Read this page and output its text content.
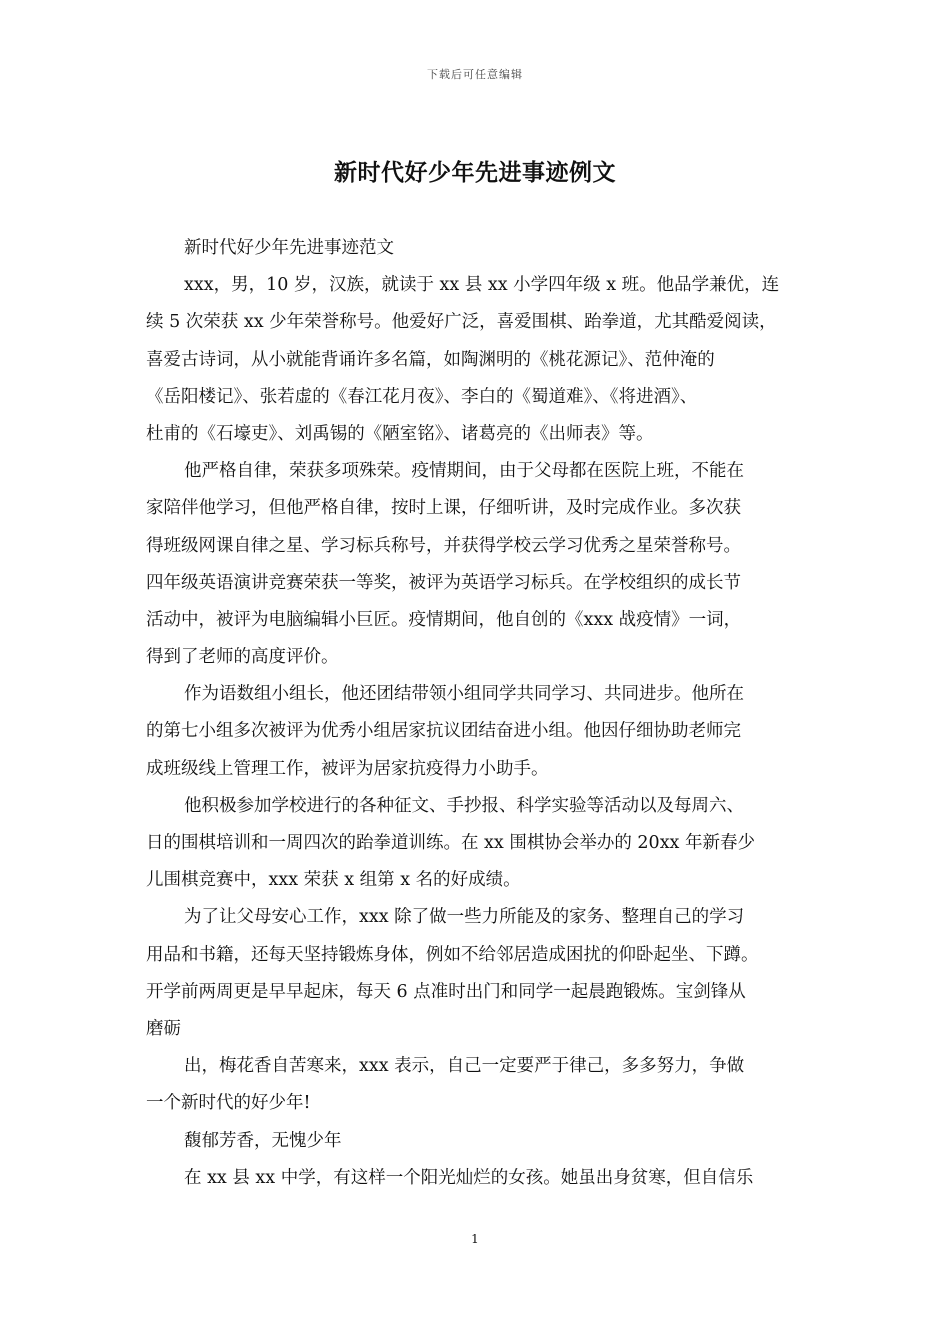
下载后可任意编辑
新时代好少年先进事迹例文
新时代好少年先进事迹范文
xxx，男，10 岁，汉族，就读于 xx 县 xx 小学四年级 x 班。他品学兼优，连
续 5 次荣获 xx 少年荣誉称号。他爱好广泛，喜爱围棋、跆拳道，尤其酷爱阅读，
喜爱古诗词，从小就能背诵许多名篇，如陶渊明的《桃花源记》、范仲淹的
《岳阳楼记》、张若虚的《春江花月夜》、李白的《蜀道难》、《将进酒》、
杜甫的《石壕吏》、刘禹锡的《陋室铭》、诸葛亮的《出师表》等。
他严格自律，荣获多项殊荣。疫情期间，由于父母都在医院上班，不能在
家陪伴他学习，但他严格自律，按时上课，仔细听讲，及时完成作业。多次获
得班级网课自律之星、学习标兵称号，并获得学校云学习优秀之星荣誉称号。
四年级英语演讲竞赛荣获一等奖，被评为英语学习标兵。在学校组织的成长节
活动中，被评为电脑编辑小巨匠。疫情期间，他自创的《xxx 战疫情》一词，
得到了老师的高度评价。
作为语数组小组长，他还团结带领小组同学共同学习、共同进步。他所在
的第七小组多次被评为优秀小组居家抗议团结奋进小组。他因仔细协助老师完
成班级线上管理工作，被评为居家抗疫得力小助手。
他积极参加学校进行的各种征文、手抄报、科学实验等活动以及每周六、
日的围棋培训和一周四次的跆拳道训练。在 xx 围棋协会举办的 20xx 年新春少
儿围棋竞赛中，xxx 荣获 x 组第 x 名的好成绩。
为了让父母安心工作，xxx 除了做一些力所能及的家务、整理自己的学习
用品和书籍，还每天坚持锻炼身体，例如不给邻居造成困扰的仰卧起坐、下蹲。
开学前两周更是早早起床，每天 6 点准时出门和同学一起晨跑锻炼。宝剑锋从
磨砺
出，梅花香自苦寒来，xxx 表示，自己一定要严于律己，多多努力，争做
一个新时代的好少年!
馥郁芳香，无愧少年
在 xx 县 xx 中学，有这样一个阳光灿烂的女孩。她虽出身贫寒，但自信乐
1
